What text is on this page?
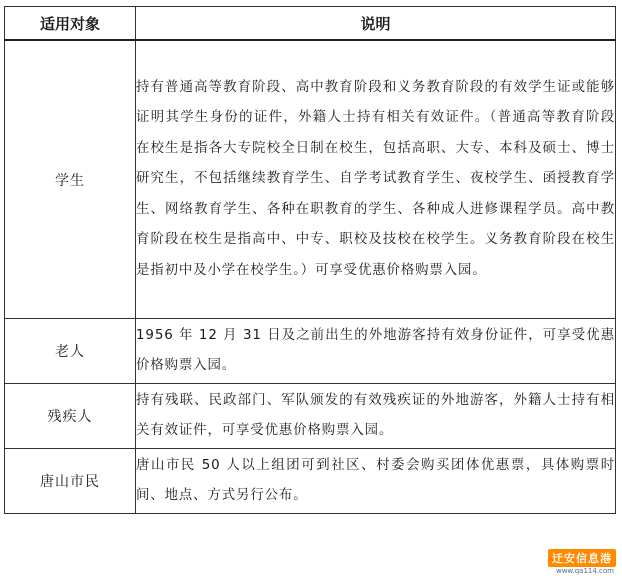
适用对象	说明
学生	持有普通高等教育阶段、高中教育阶段和义务教育阶段的有效学生证或能够证明其学生身份的证件，外籍人士持有相关有效证件。（普通高等教育阶段在校生是指各大专院校全日制在校生，包括高职、大专、本科及硕士、博士研究生，不包括继续教育学生、自学考试教育学生、夜校学生、函授教育学生、网络教育学生、各种在职教育的学生、各种成人进修课程学员。高中教育阶段在校生是指高中、中专、职校及技校在校学生。义务教育阶段在校生是指初中及小学在校学生。）可享受优惠价格购票入园。
老人	1956 年 12 月 31 日及之前出生的外地游客持有效身份证件，可享受优惠价格购票入园。
残疾人	持有残联、民政部门、军队颁发的有效残疾证的外地游客，外籍人士持有相关有效证件，可享受优惠价格购票入园。
唐山市民	唐山市民 50 人以上组团可到社区、村委会购买团体优惠票，具体购票时间、地点、方式另行公布。
迁安信息港
www.qa114.com
